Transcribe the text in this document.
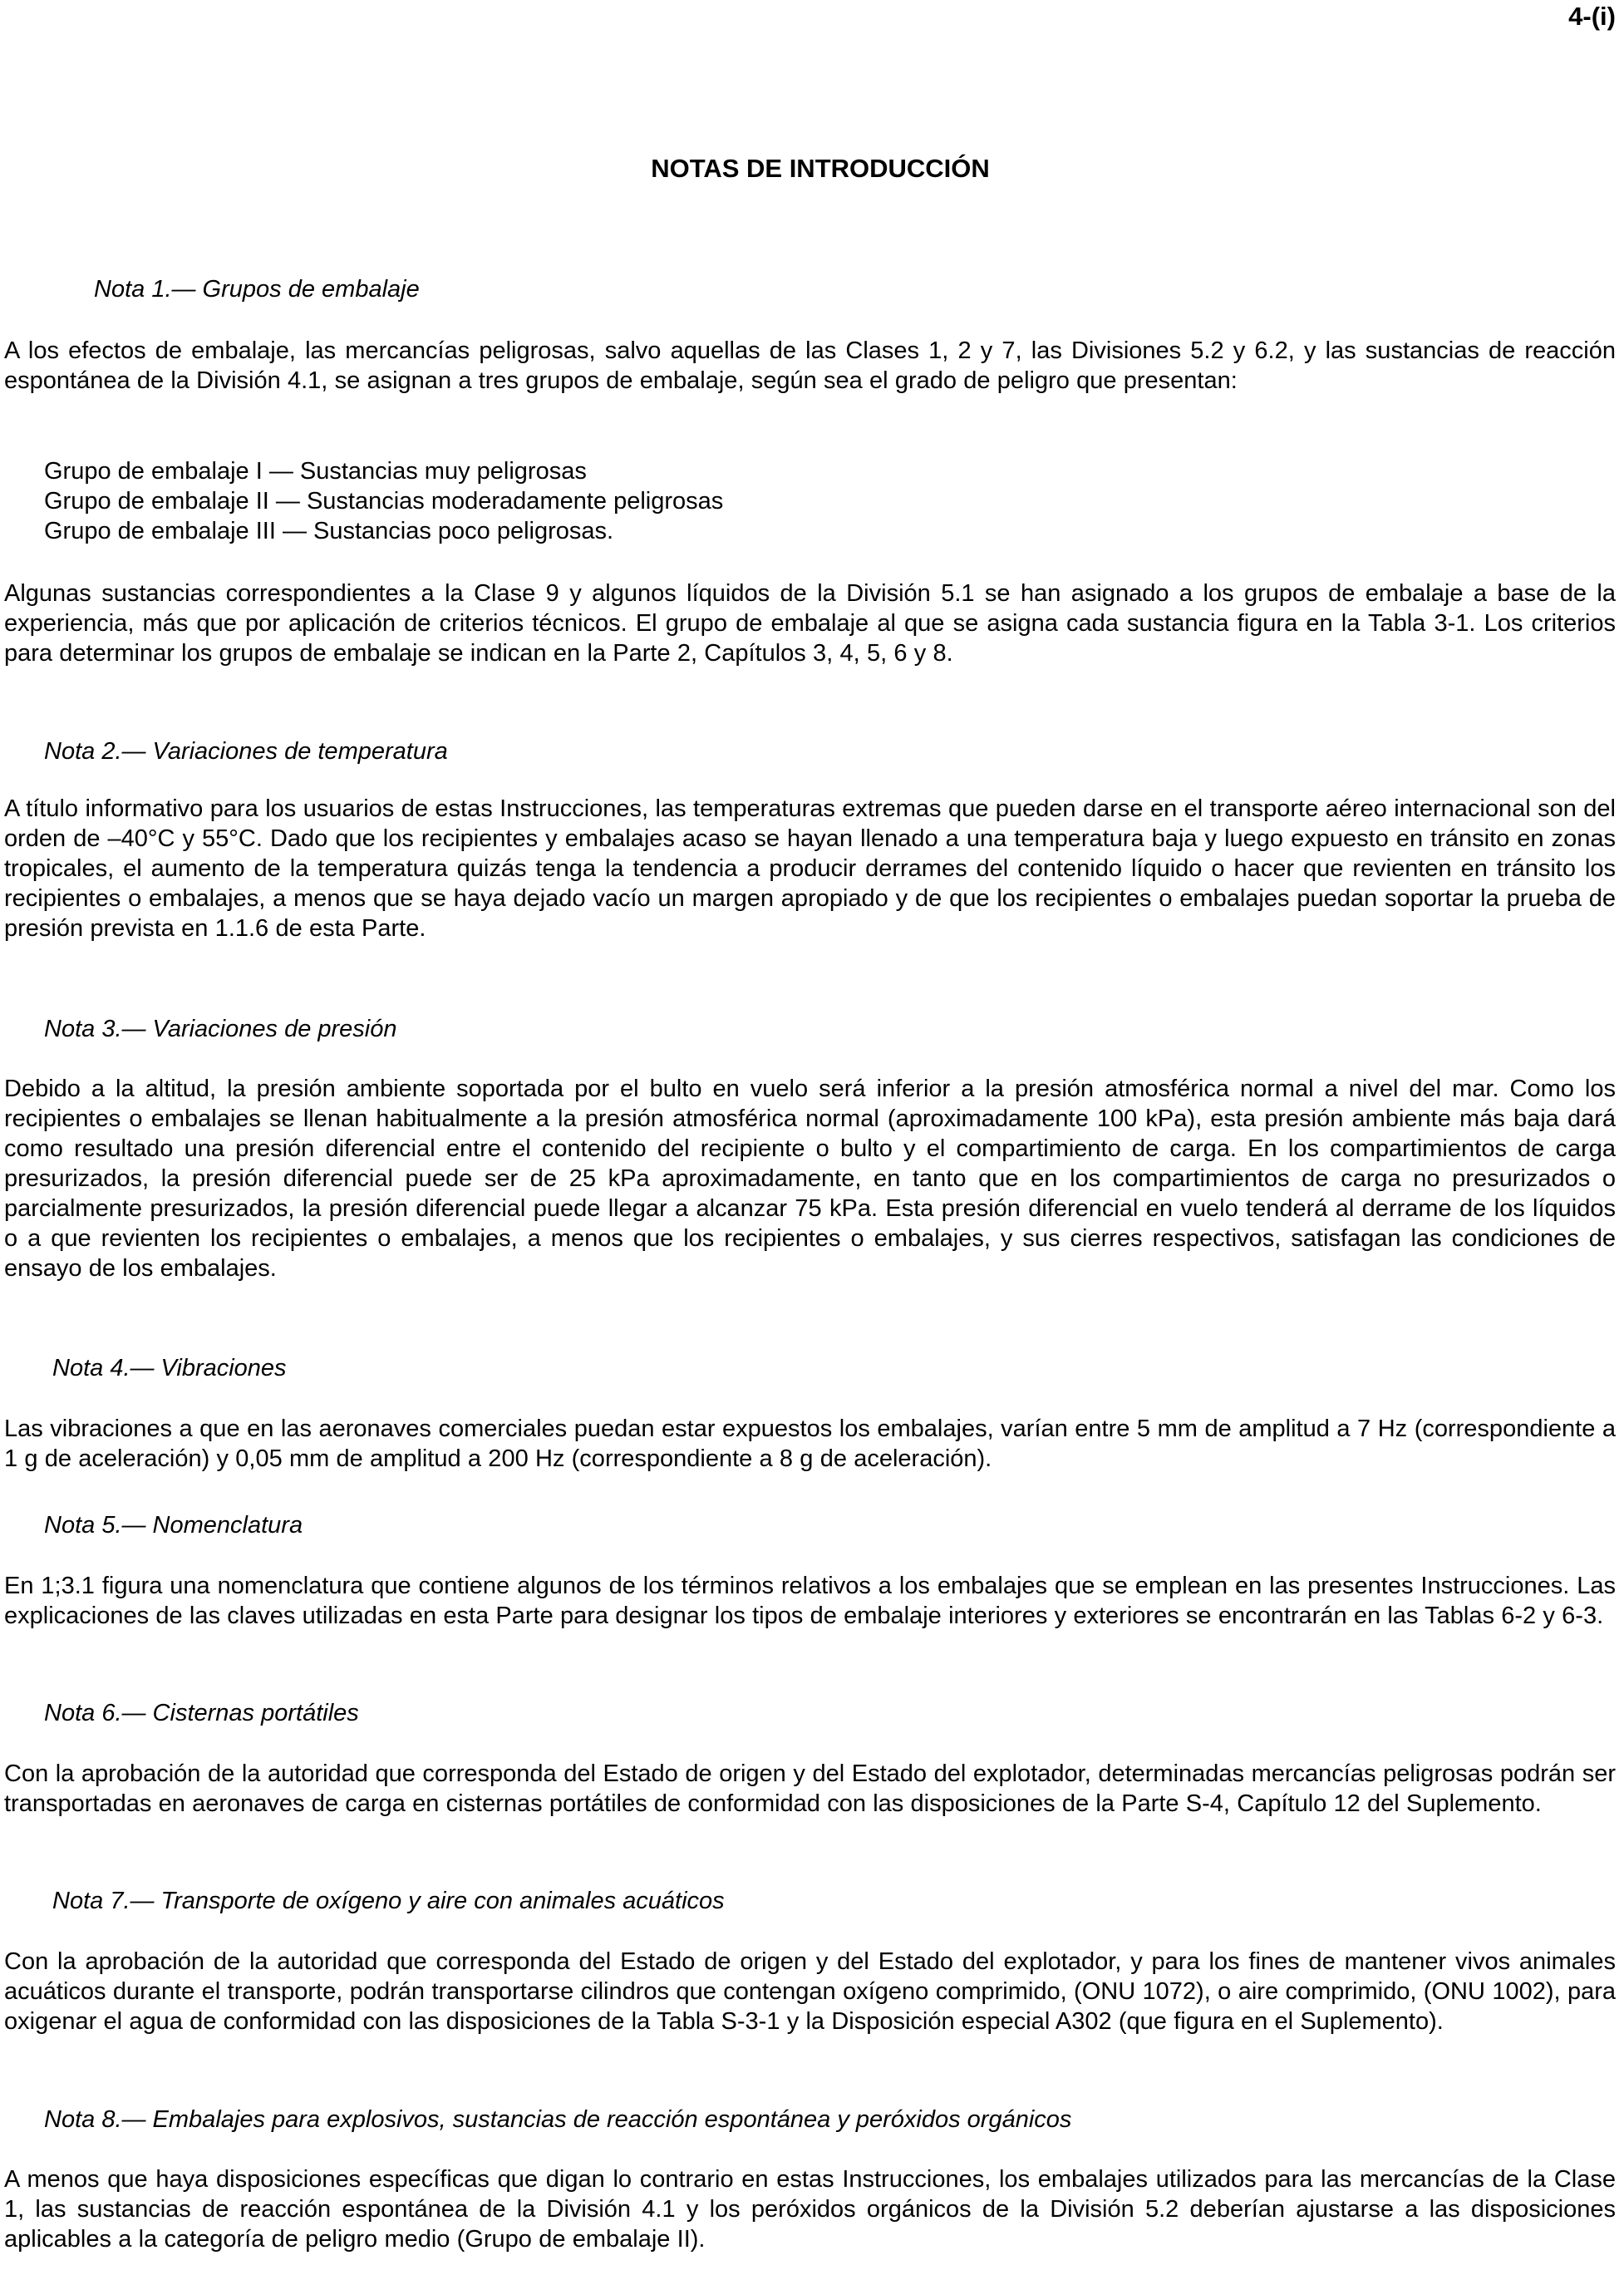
4-(i)
NOTAS DE INTRODUCCIÓN
Nota 1.— Grupos de embalaje
A los efectos de embalaje, las mercancías peligrosas, salvo aquellas de las Clases 1, 2 y 7, las Divisiones 5.2 y 6.2, y las sustancias de reacción espontánea de la División 4.1, se asignan a tres grupos de embalaje, según sea el grado de peligro que presentan:
Grupo de embalaje I — Sustancias muy peligrosas
Grupo de embalaje II — Sustancias moderadamente peligrosas
Grupo de embalaje III — Sustancias poco peligrosas.
Algunas sustancias correspondientes a la Clase 9 y algunos líquidos de la División 5.1 se han asignado a los grupos de embalaje a base de la experiencia, más que por aplicación de criterios técnicos. El grupo de embalaje al que se asigna cada sustancia figura en la Tabla 3-1. Los criterios para determinar los grupos de embalaje se indican en la Parte 2, Capítulos 3, 4, 5, 6 y 8.
Nota 2.— Variaciones de temperatura
A título informativo para los usuarios de estas Instrucciones, las temperaturas extremas que pueden darse en el transporte aéreo internacional son del orden de –40°C y 55°C. Dado que los recipientes y embalajes acaso se hayan llenado a una temperatura baja y luego expuesto en tránsito en zonas tropicales, el aumento de la temperatura quizás tenga la tendencia a producir derrames del contenido líquido o hacer que revienten en tránsito los recipientes o embalajes, a menos que se haya dejado vacío un margen apropiado y de que los recipientes o embalajes puedan soportar la prueba de presión prevista en 1.1.6 de esta Parte.
Nota 3.— Variaciones de presión
Debido a la altitud, la presión ambiente soportada por el bulto en vuelo será inferior a la presión atmosférica normal a nivel del mar. Como los recipientes o embalajes se llenan habitualmente a la presión atmosférica normal (aproximadamente 100 kPa), esta presión ambiente más baja dará como resultado una presión diferencial entre el contenido del recipiente o bulto y el compartimiento de carga. En los compartimientos de carga presurizados, la presión diferencial puede ser de 25 kPa aproximadamente, en tanto que en los compartimientos de carga no presurizados o parcialmente presurizados, la presión diferencial puede llegar a alcanzar 75 kPa. Esta presión diferencial en vuelo tenderá al derrame de los líquidos o a que revienten los recipientes o embalajes, a menos que los recipientes o embalajes, y sus cierres respectivos, satisfagan las condiciones de ensayo de los embalajes.
Nota 4.— Vibraciones
Las vibraciones a que en las aeronaves comerciales puedan estar expuestos los embalajes, varían entre 5 mm de amplitud a 7 Hz (correspondiente a 1 g de aceleración) y 0,05 mm de amplitud a 200 Hz (correspondiente a 8 g de aceleración).
Nota 5.— Nomenclatura
En 1;3.1 figura una nomenclatura que contiene algunos de los términos relativos a los embalajes que se emplean en las presentes Instrucciones. Las explicaciones de las claves utilizadas en esta Parte para designar los tipos de embalaje interiores y exteriores se encontrarán en las Tablas 6-2 y 6-3.
Nota 6.— Cisternas portátiles
Con la aprobación de la autoridad que corresponda del Estado de origen y del Estado del explotador, determinadas mercancías peligrosas podrán ser transportadas en aeronaves de carga en cisternas portátiles de conformidad con las disposiciones de la Parte S-4, Capítulo 12 del Suplemento.
Nota 7.— Transporte de oxígeno y aire con animales acuáticos
Con la aprobación de la autoridad que corresponda del Estado de origen y del Estado del explotador, y para los fines de mantener vivos animales acuáticos durante el transporte, podrán transportarse cilindros que contengan oxígeno comprimido, (ONU 1072), o aire comprimido, (ONU 1002), para oxigenar el agua de conformidad con las disposiciones de la Tabla S-3-1 y la Disposición especial A302 (que figura en el Suplemento).
Nota 8.— Embalajes para explosivos, sustancias de reacción espontánea y peróxidos orgánicos
A menos que haya disposiciones específicas que digan lo contrario en estas Instrucciones, los embalajes utilizados para las mercancías de la Clase 1, las sustancias de reacción espontánea de la División 4.1 y los peróxidos orgánicos de la División 5.2 deberían ajustarse a las disposiciones aplicables a la categoría de peligro medio (Grupo de embalaje II).
